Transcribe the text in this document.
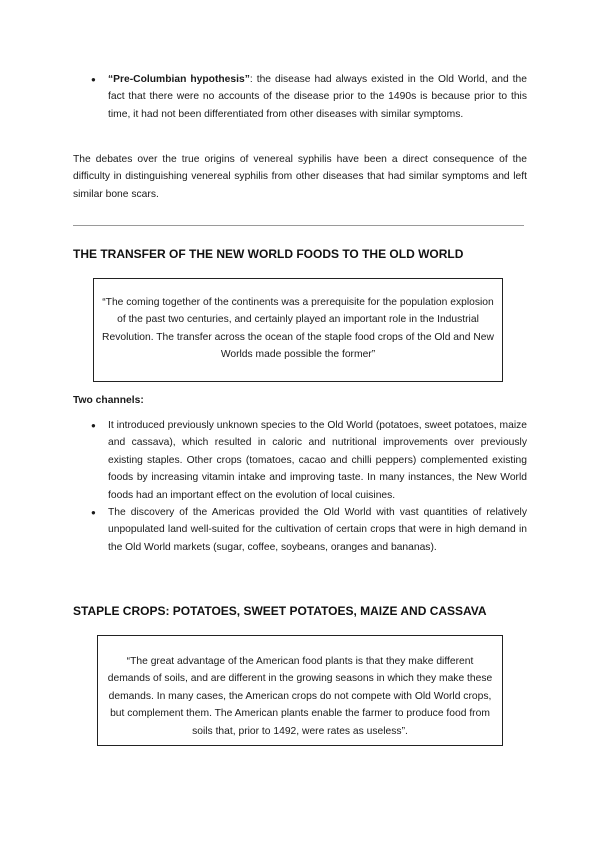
● “Pre-Columbian hypothesis”: the disease had always existed in the Old World, and the fact that there were no accounts of the disease prior to the 1490s is because prior to this time, it had not been differentiated from other diseases with similar symptoms.

The debates over the true origins of venereal syphilis have been a direct consequence of the difficulty in distinguishing venereal syphilis from other diseases that had similar symptoms and left similar bone scars.

THE TRANSFER OF THE NEW WORLD FOODS TO THE OLD WORLD

“The coming together of the continents was a prerequisite for the population explosion of the past two centuries, and certainly played an important role in the Industrial Revolution. The transfer across the ocean of the staple food crops of the Old and New Worlds made possible the former”

Two channels:

● It introduced previously unknown species to the Old World (potatoes, sweet potatoes, maize and cassava), which resulted in caloric and nutritional improvements over previously existing staples. Other crops (tomatoes, cacao and chilli peppers) complemented existing foods by increasing vitamin intake and improving taste. In many instances, the New World foods had an important effect on the evolution of local cuisines.
● The discovery of the Americas provided the Old World with vast quantities of relatively unpopulated land well-suited for the cultivation of certain crops that were in high demand in the Old World markets (sugar, coffee, soybeans, oranges and bananas).
STAPLE CROPS: POTATOES, SWEET POTATOES, MAIZE AND CASSAVA

“The great advantage of the American food plants is that they make different demands of soils, and are different in the growing seasons in which they make these demands. In many cases, the American crops do not compete with Old World crops, but complement them. The American plants enable the farmer to produce food from soils that, prior to 1492, were rates as useless”.
